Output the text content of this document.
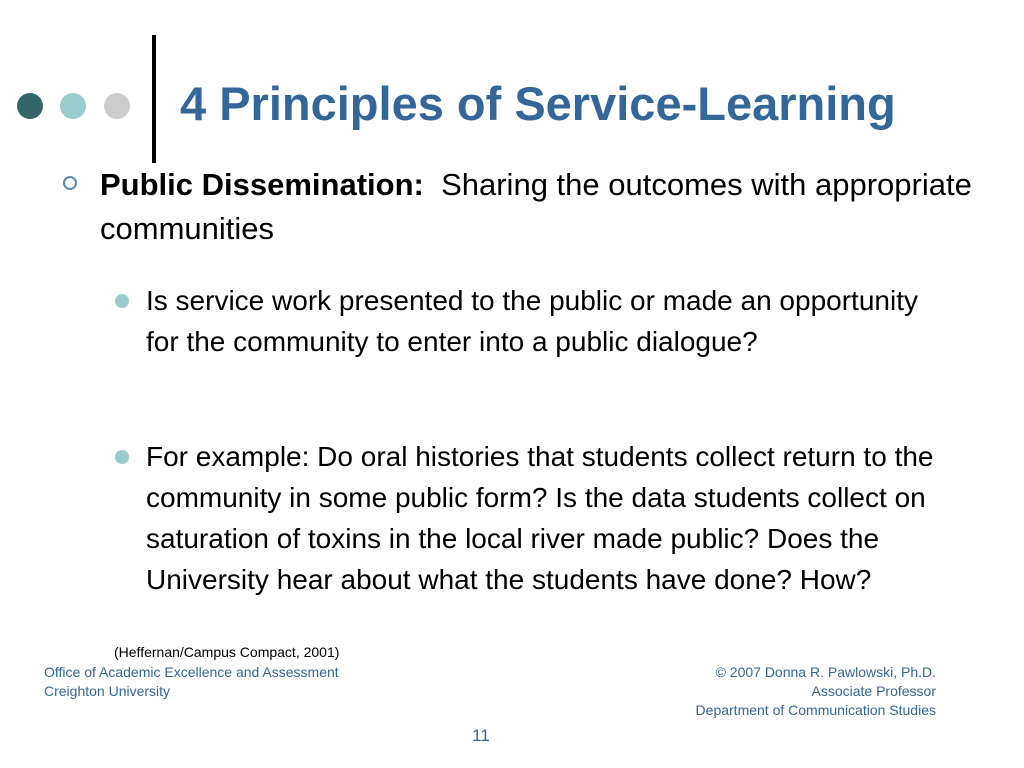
4 Principles of Service-Learning

Public Dissemination: Sharing the outcomes with appropriate communities

Is service work presented to the public or made an opportunity for the community to enter into a public dialogue?

For example: Do oral histories that students collect return to the community in some public form? Is the data students collect on saturation of toxins in the local river made public? Does the University hear about what the students have done? How?

(Heffernan/Campus Compact, 2001)

Office of Academic Excellence and Assessment
Creighton University
© 2007 Donna R. Pawlowski, Ph.D.
Associate Professor
Department of Communication Studies
11
